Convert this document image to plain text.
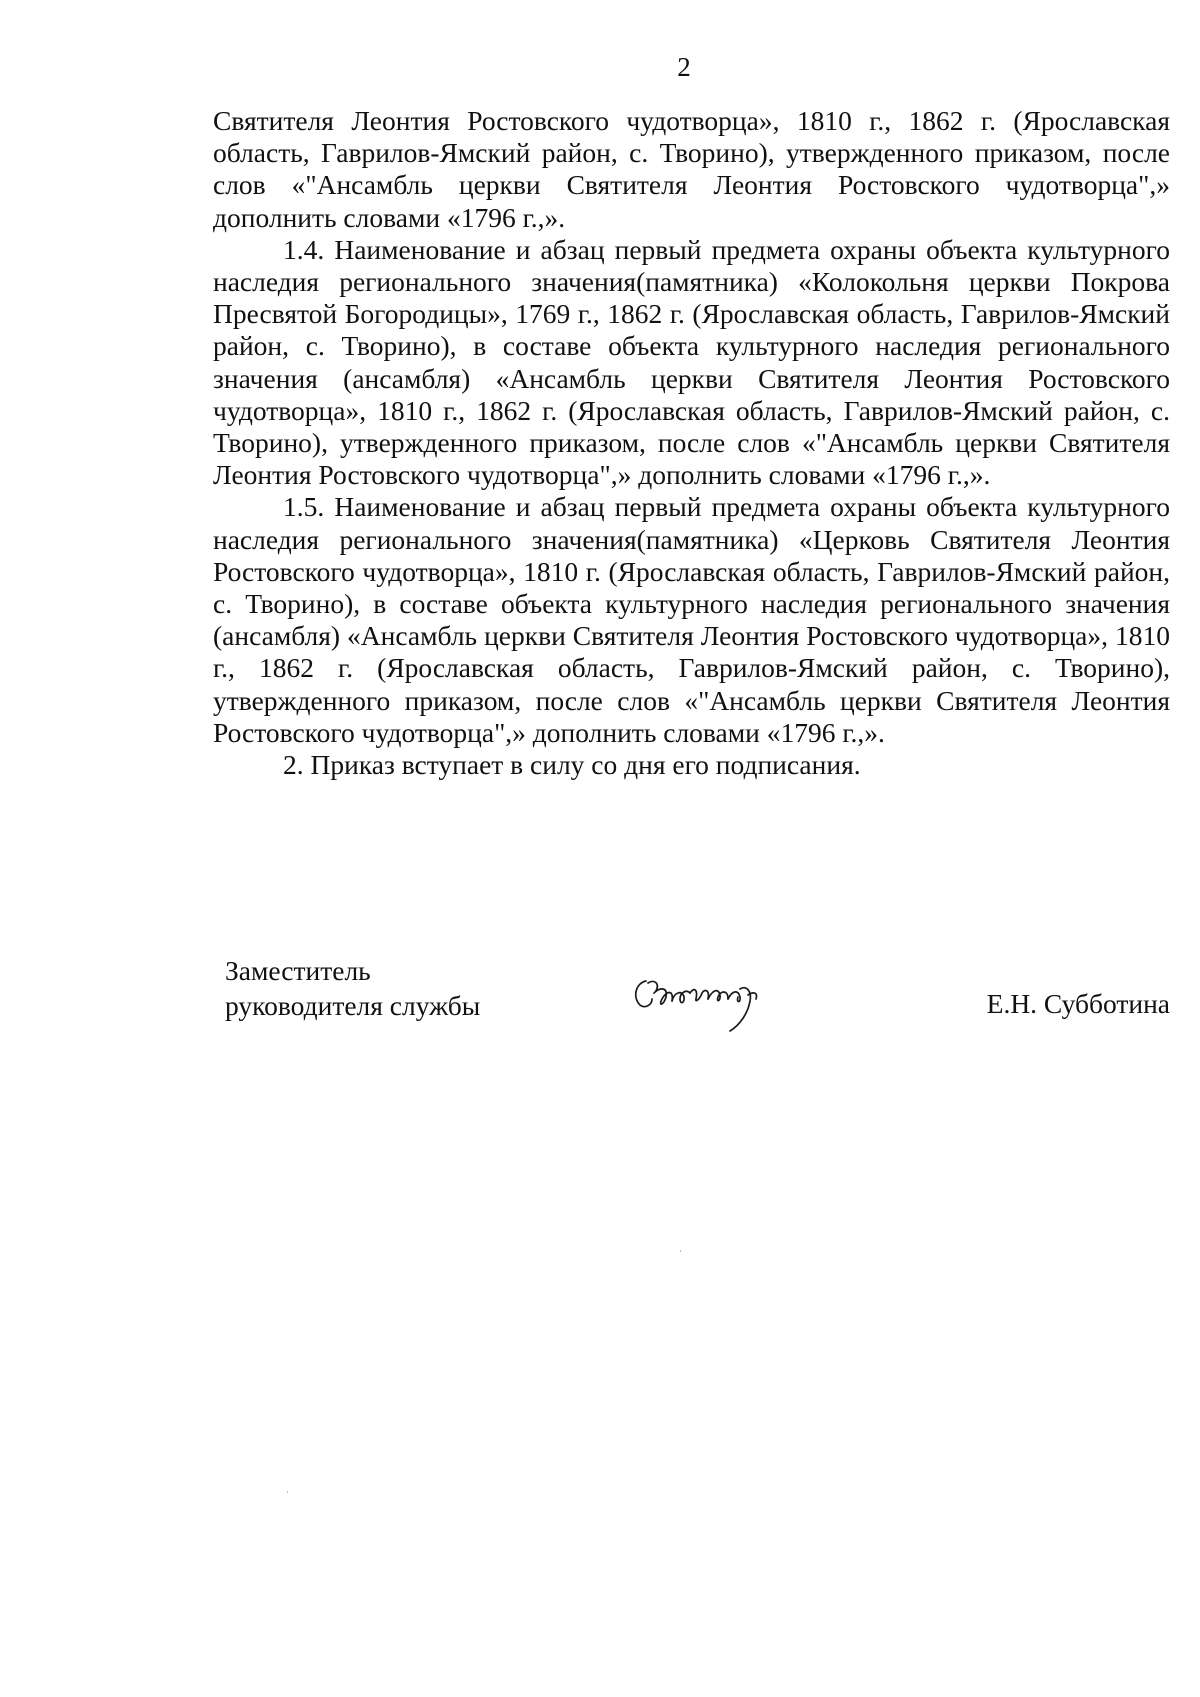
2

Святителя Леонтия Ростовского чудотворца», 1810 г., 1862 г. (Ярославская область, Гаврилов-Ямский район, с. Творино), утвержденного приказом, после слов «"Ансамбль церкви Святителя Леонтия Ростовского чудотворца",» дополнить словами «1796 г.,».

1.4. Наименование и абзац первый предмета охраны объекта культурного наследия регионального значения(памятника) «Колокольня церкви Покрова Пресвятой Богородицы», 1769 г., 1862 г. (Ярославская область, Гаврилов-Ямский район, с. Творино), в составе объекта культурного наследия регионального значения (ансамбля) «Ансамбль церкви Святителя Леонтия Ростовского чудотворца», 1810 г., 1862 г. (Ярославская область, Гаврилов-Ямский район, с. Творино), утвержденного приказом, после слов «"Ансамбль церкви Святителя Леонтия Ростовского чудотворца",» дополнить словами «1796 г.,».

1.5. Наименование и абзац первый предмета охраны объекта культурного наследия регионального значения(памятника) «Церковь Святителя Леонтия Ростовского чудотворца», 1810 г. (Ярославская область, Гаврилов-Ямский район, с. Творино), в составе объекта культурного наследия регионального значения (ансамбля) «Ансамбль церкви Святителя Леонтия Ростовского чудотворца», 1810 г., 1862 г. (Ярославская область, Гаврилов-Ямский район, с. Творино), утвержденного приказом, после слов «"Ансамбль церкви Святителя Леонтия Ростовского чудотворца",» дополнить словами «1796 г.,».

2. Приказ вступает в силу со дня его подписания.

Заместитель
руководителя службы	Е.Н. Субботина
